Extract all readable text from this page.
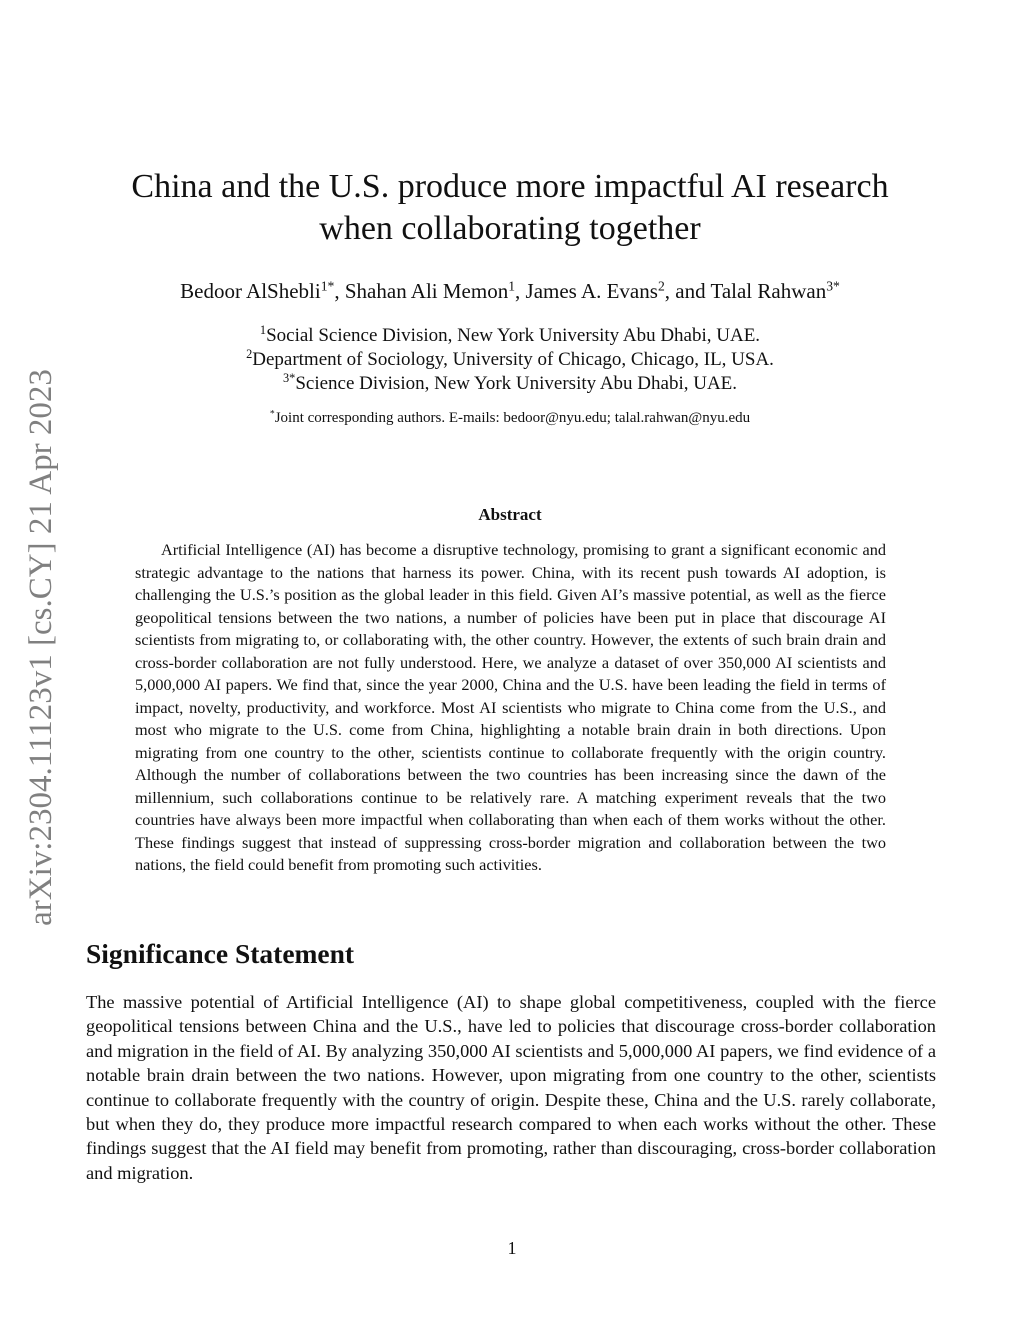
arXiv:2304.11123v1 [cs.CY] 21 Apr 2023
China and the U.S. produce more impactful AI research
when collaborating together
Bedoor AlShebli$^{1*}$, Shahan Ali Memon$^1$, James A. Evans$^2$, and Talal Rahwan$^{3*}$
$^1$Social Science Division, New York University Abu Dhabi, UAE.
$^2$Department of Sociology, University of Chicago, Chicago, IL, USA.
$^{3*}$Science Division, New York University Abu Dhabi, UAE.
*Joint corresponding authors. E-mails: bedoor@nyu.edu; talal.rahwan@nyu.edu
Abstract

Artificial Intelligence (AI) has become a disruptive technology, promising to grant a significant economic and strategic advantage to the nations that harness its power. China, with its recent push towards AI adoption, is challenging the U.S.’s position as the global leader in this field. Given AI’s massive potential, as well as the fierce geopolitical tensions between the two nations, a number of policies have been put in place that discourage AI scientists from migrating to, or collaborating with, the other country. However, the extents of such brain drain and cross-border collaboration are not fully understood. Here, we analyze a dataset of over 350,000 AI scientists and 5,000,000 AI papers. We find that, since the year 2000, China and the U.S. have been leading the field in terms of impact, novelty, productivity, and workforce. Most AI scientists who migrate to China come from the U.S., and most who migrate to the U.S. come from China, highlighting a notable brain drain in both directions. Upon migrating from one country to the other, scientists continue to collaborate frequently with the origin country. Although the number of collaborations between the two countries has been increasing since the dawn of the millennium, such collaborations continue to be relatively rare. A matching experiment reveals that the two countries have always been more impactful when collaborating than when each of them works without the other. These findings suggest that instead of suppressing cross-border migration and collaboration between the two nations, the field could benefit from promoting such activities.

Significance Statement

The massive potential of Artificial Intelligence (AI) to shape global competitiveness, coupled with the fierce geopolitical tensions between China and the U.S., have led to policies that discourage cross-border collaboration and migration in the field of AI. By analyzing 350,000 AI scientists and 5,000,000 AI papers, we find evidence of a notable brain drain between the two nations. However, upon migrating from one country to the other, scientists continue to collaborate frequently with the country of origin. Despite these, China and the U.S. rarely collaborate, but when they do, they produce more impactful research compared to when each works without the other. These findings suggest that the AI field may benefit from promoting, rather than discouraging, cross-border collaboration and migration.

1
